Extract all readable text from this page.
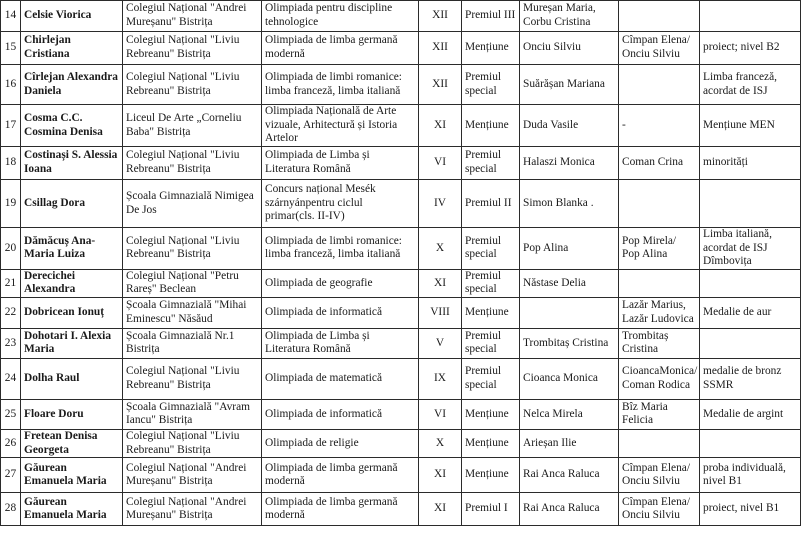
14	Celsie Viorica	Colegiul Național "Andrei Mureșanu" Bistrița	Olimpiada pentru discipline tehnologice	XII	Premiul III	Mureșan Maria, Corbu Cristina		
15	Chirlejan Cristiana	Colegiul Național "Liviu Rebreanu" Bistrița	Olimpiada de limba germană modernă	XII	Mențiune	Onciu Silviu	Cîmpan Elena/ Onciu Silviu	proiect; nivel B2
16	Cîrlejan Alexandra Daniela	Colegiul Național "Liviu Rebreanu" Bistrița	Olimpiada de limbi romanice: limba franceză, limba italiană	XII	Premiul special	Suărășan Mariana		Limba franceză, acordat de ISJ
17	Cosma C.C. Cosmina Denisa	Liceul De Arte „Corneliu Baba" Bistrița	Olimpiada Națională de Arte vizuale, Arhitectură și Istoria Artelor	XI	Mențiune	Duda Vasile	-	Mențiune MEN
18	Costinași S. Alessia Ioana	Colegiul Național "Liviu Rebreanu" Bistrița	Olimpiada de Limba și Literatura Română	VI	Premiul special	Halaszi Monica	Coman Crina	minorități
19	Csillag Dora	Școala Gimnazială Nimigea De Jos	Concurs național Mesék szárnyánpentru ciclul primar(cls. II-IV)	IV	Premiul II	Simon Blanka .		
20	Dămăcuș Ana-Maria Luiza	Colegiul Național "Liviu Rebreanu" Bistrița	Olimpiada de limbi romanice: limba franceză, limba italiană	X	Premiul special	Pop Alina	Pop Mirela/ Pop Alina	Limba italiană, acordat de ISJ Dîmbovița
21	Derecichei Alexandra	Colegiul Național "Petru Rareș" Beclean	Olimpiada de geografie	XI	Premiul special	Năstase Delia		
22	Dobricean Ionuț	Școala Gimnazială "Mihai Eminescu" Năsăud	Olimpiada de informatică	VIII	Mențiune		Lazăr Marius, Lazăr Ludovica	Medalie de aur
23	Dohotari I. Alexia Maria	Școala Gimnazială Nr.1 Bistrița	Olimpiada de Limba și Literatura Română	V	Premiul special	Trombitaș Cristina	Trombitaș Cristina	
24	Dolha Raul	Colegiul Național "Liviu Rebreanu" Bistrița	Olimpiada de matematică	IX	Premiul special	Cioanca Monica	CioancaMonica/ Coman Rodica	medalie de bronz SSMR
25	Floare Doru	Școala Gimnazială "Avram Iancu" Bistrița	Olimpiada de informatică	VI	Mențiune	Nelca Mirela	Bîz Maria Felicia	Medalie de argint
26	Fretean Denisa Georgeta	Colegiul Național "Liviu Rebreanu" Bistrița	Olimpiada de religie	X	Mențiune	Arieșan Ilie		
27	Găurean Emanuela Maria	Colegiul Național "Andrei Mureșanu" Bistrița	Olimpiada de limba germană modernă	XI	Mențiune	Rai Anca Raluca	Cîmpan Elena/ Onciu Silviu	proba individuală, nivel B1
28	Găurean Emanuela Maria	Colegiul Național "Andrei Mureșanu" Bistrița	Olimpiada de limba germană modernă	XI	Premiul I	Rai Anca Raluca	Cîmpan Elena/ Onciu Silviu	proiect, nivel B1
